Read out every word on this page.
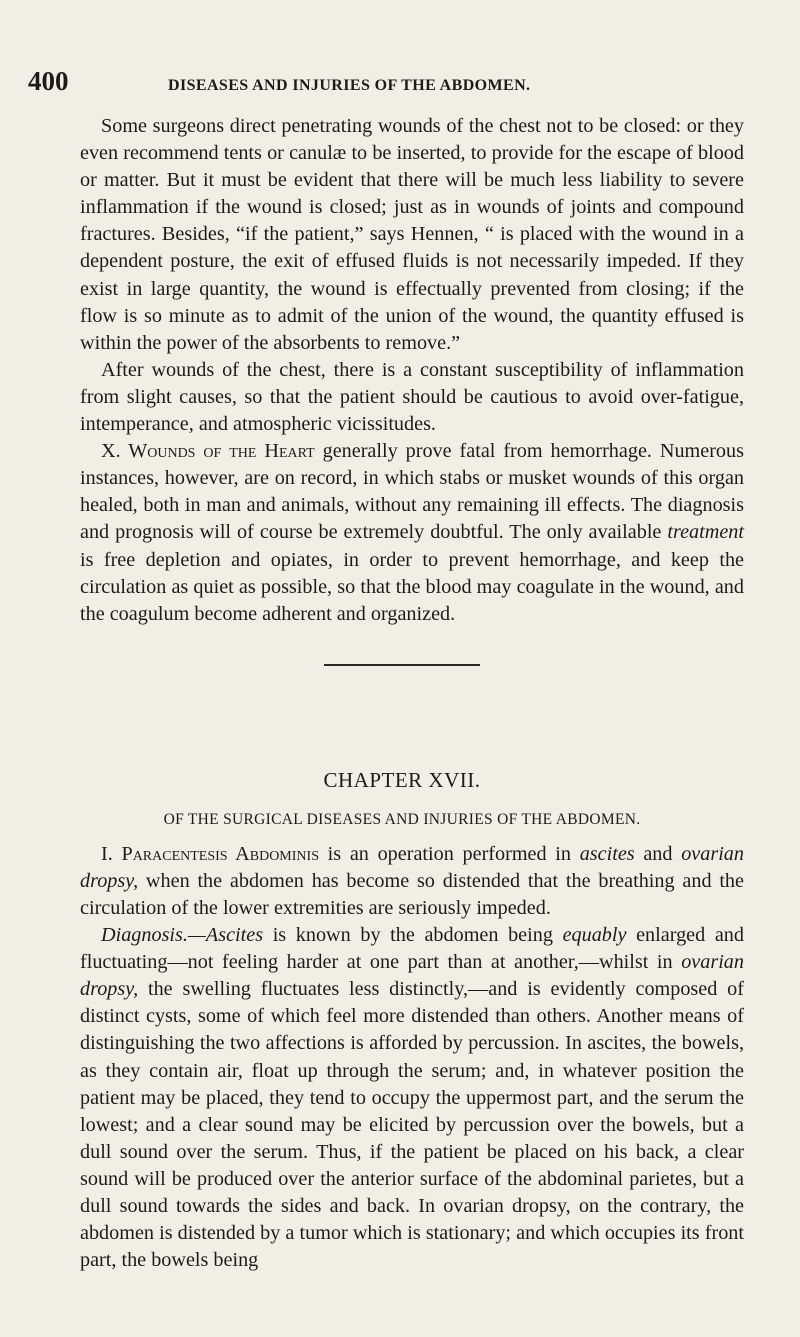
400	DISEASES AND INJURIES OF THE ABDOMEN.

Some surgeons direct penetrating wounds of the chest not to be closed: or they even recommend tents or canulæ to be inserted, to provide for the escape of blood or matter. But it must be evident that there will be much less liability to severe inflammation if the wound is closed; just as in wounds of joints and compound fractures. Besides, “if the patient,” says Hennen, “ is placed with the wound in a dependent posture, the exit of effused fluids is not necessarily impeded. If they exist in large quantity, the wound is effectually prevented from closing; if the flow is so minute as to admit of the union of the wound, the quantity effused is within the power of the absorbents to remove.”

After wounds of the chest, there is a constant susceptibility of inflammation from slight causes, so that the patient should be cautious to avoid over-fatigue, intemperance, and atmospheric vicissitudes.

X. Wounds of the Heart generally prove fatal from hemorrhage. Numerous instances, however, are on record, in which stabs or musket wounds of this organ healed, both in man and animals, without any remaining ill effects. The diagnosis and prognosis will of course be extremely doubtful. The only available treatment is free depletion and opiates, in order to prevent hemorrhage, and keep the circulation as quiet as possible, so that the blood may coagulate in the wound, and the coagulum become adherent and organized.

CHAPTER XVII.
OF THE SURGICAL DISEASES AND INJURIES OF THE ABDOMEN.

I. Paracentesis Abdominis is an operation performed in ascites and ovarian dropsy, when the abdomen has become so distended that the breathing and the circulation of the lower extremities are seriously impeded.

Diagnosis.—Ascites is known by the abdomen being equably enlarged and fluctuating—not feeling harder at one part than at another,—whilst in ovarian dropsy, the swelling fluctuates less distinctly,—and is evidently composed of distinct cysts, some of which feel more distended than others. Another means of distinguishing the two affections is afforded by percussion. In ascites, the bowels, as they contain air, float up through the serum; and, in whatever position the patient may be placed, they tend to occupy the uppermost part, and the serum the lowest; and a clear sound may be elicited by percussion over the bowels, but a dull sound over the serum. Thus, if the patient be placed on his back, a clear sound will be produced over the anterior surface of the abdominal parietes, but a dull sound towards the sides and back. In ovarian dropsy, on the contrary, the abdomen is distended by a tumor which is stationary; and which occupies its front part, the bowels being
